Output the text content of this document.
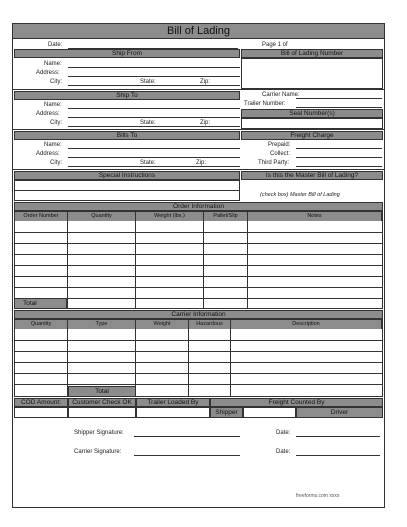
Bill of Lading
Date:	Page 1 of
Ship From
Name:
Address:
City:	State:	Zip:
Bill of Lading Number
Ship To
Name:
Address:
City:	State:	Zip:
Carrier Name:
Trailer Number:
Seal Number(s)
Bills To
Name:
Address:
City:	State:	Zip:
Freight Charge
Prepaid:
Collect:
Third Party:
Special Instructions	Is this the Master Bill of Lading?
(check box) Master Bill of Lading
Order Information
Order Number	Quantity	Weight (lbs.)	Pallet/Slip	Notes
Total
Carrier Information
Quantity	Type	Weight	Hazardous	Description
Total
COD Amount:	Customer Check OK	Trailer Loaded By	Freight Counted By
Shipper	Driver
Shipper Signature:	Date:
Carrier Signature:	Date:
freeforms.com xxxx
